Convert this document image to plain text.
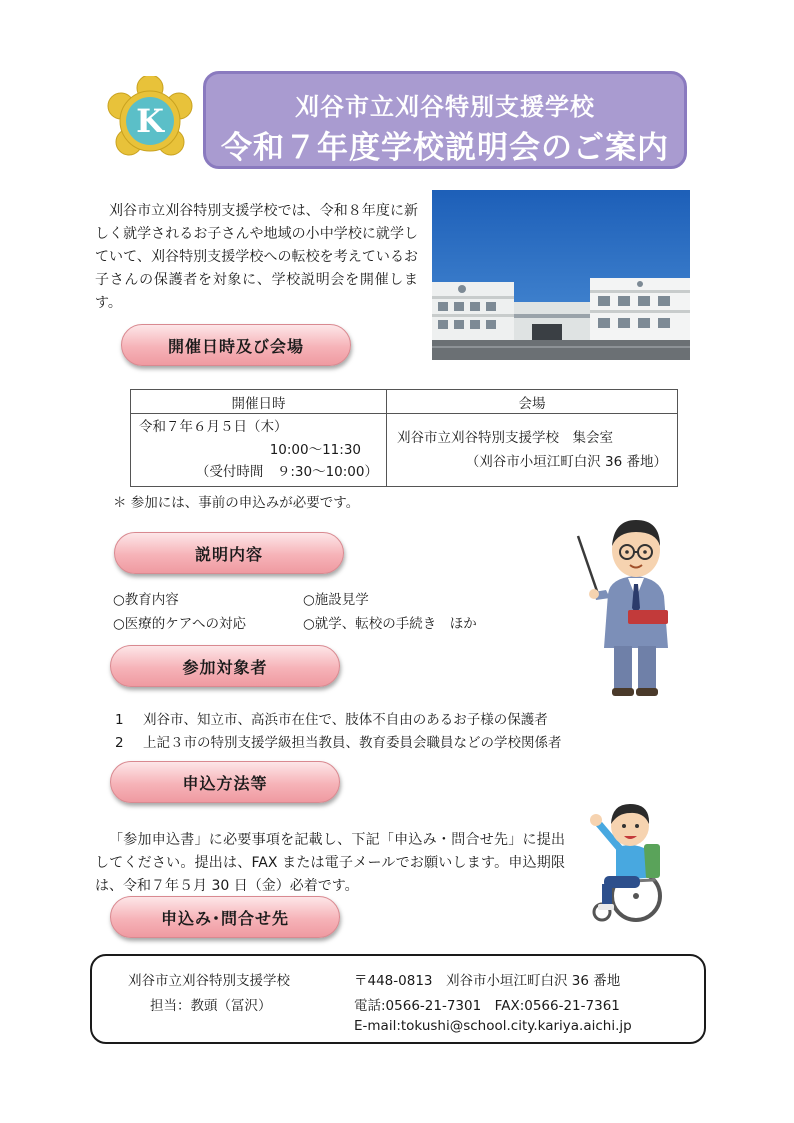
K	刈谷市立刈谷特別支援学校
令和７年度学校説明会のご案内

刈谷市立刈谷特別支援学校では、令和８年度に新しく就学されるお子さんや地域の小中学校に就学していて、刈谷特別支援学校への転校を考えているお子さんの保護者を対象に、学校説明会を開催します。

開催日時及び会場
開催日時	会場

令和７年６月５日（木）
10:00～11:30
（受付時間　９:30～10:00）	刈谷市立刈谷特別支援学校　集会室
（刈谷市小垣江町白沢 36 番地）
＊ 参加には、事前の申込みが必要です。
説明内容
○教育内容	○施設見学
○医療的ケアへの対応	○就学、転校の手続き　ほか
参加対象者
1 刈谷市、知立市、高浜市在住で、肢体不自由のあるお子様の保護者
2 上記３市の特別支援学級担当教員、教育委員会職員などの学校関係者
申込方法等

「参加申込書」に必要事項を記載し、下記「申込み・問合せ先」に提出してください。提出は、FAX または電子メールでお願いします。申込期限は、令和７年５月 30 日（金）必着です。

申込み･問合せ先
刈谷市立刈谷特別支援学校
担当：教頭（冨沢）
〒448-0813　刈谷市小垣江町白沢 36 番地
電話:0566-21-7301　FAX:0566-21-7361
E-mail:tokushi@school.city.kariya.aichi.jp
